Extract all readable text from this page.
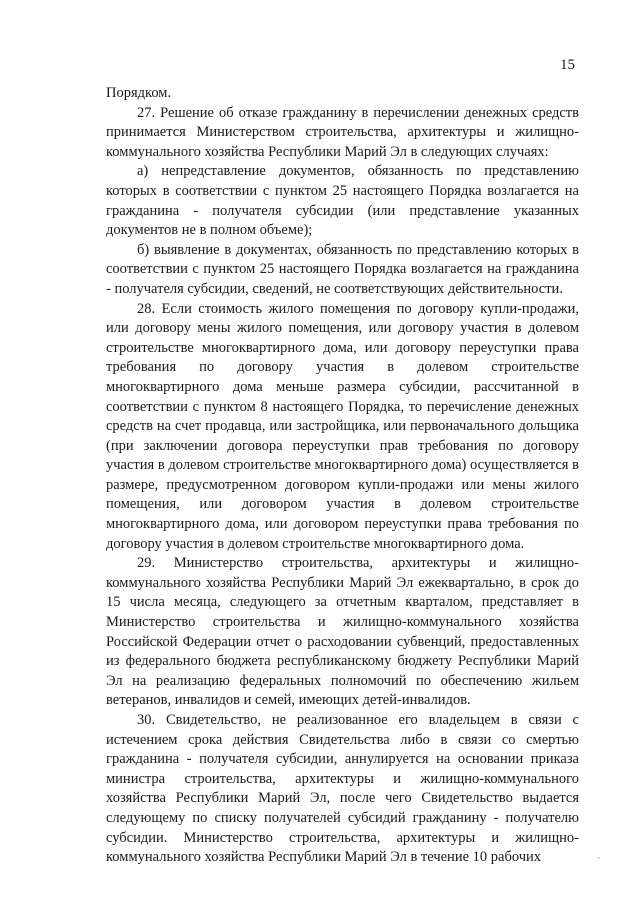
15

Порядком.

27. Решение об отказе гражданину в перечислении денежных средств принимается Министерством строительства, архитектуры и жилищно-коммунального хозяйства Республики Марий Эл в следующих случаях:

а) непредставление документов, обязанность по представлению которых в соответствии с пунктом 25 настоящего Порядка возлагается на гражданина - получателя субсидии (или представление указанных документов не в полном объеме);

б) выявление в документах, обязанность по представлению которых в соответствии с пунктом 25 настоящего Порядка возлагается на гражданина - получателя субсидии, сведений, не соответствующих действительности.

28. Если стоимость жилого помещения по договору купли-продажи, или договору мены жилого помещения, или договору участия в долевом строительстве многоквартирного дома, или договору переуступки права требования по договору участия в долевом строительстве многоквартирного дома меньше размера субсидии, рассчитанной в соответствии с пунктом 8 настоящего Порядка, то перечисление денежных средств на счет продавца, или застройщика, или первоначального дольщика (при заключении договора переуступки прав требования по договору участия в долевом строительстве многоквартирного дома) осуществляется в размере, предусмотренном договором купли-продажи или мены жилого помещения, или договором участия в долевом строительстве многоквартирного дома, или договором переуступки права требования по договору участия в долевом строительстве многоквартирного дома.

29. Министерство строительства, архитектуры и жилищно-коммунального хозяйства Республики Марий Эл ежеквартально, в срок до 15 числа месяца, следующего за отчетным кварталом, представляет в Министерство строительства и жилищно-коммунального хозяйства Российской Федерации отчет о расходовании субвенций, предоставленных из федерального бюджета республиканскому бюджету Республики Марий Эл на реализацию федеральных полномочий по обеспечению жильем ветеранов, инвалидов и семей, имеющих детей-инвалидов.

30. Свидетельство, не реализованное его владельцем в связи с истечением срока действия Свидетельства либо в связи со смертью гражданина - получателя субсидии, аннулируется на основании приказа министра строительства, архитектуры и жилищно-коммунального хозяйства Республики Марий Эл, после чего Свидетельство выдается следующему по списку получателей субсидий гражданину - получателю субсидии. Министерство строительства, архитектуры и жилищно-коммунального хозяйства Республики Марий Эл в течение 10 рабочих
